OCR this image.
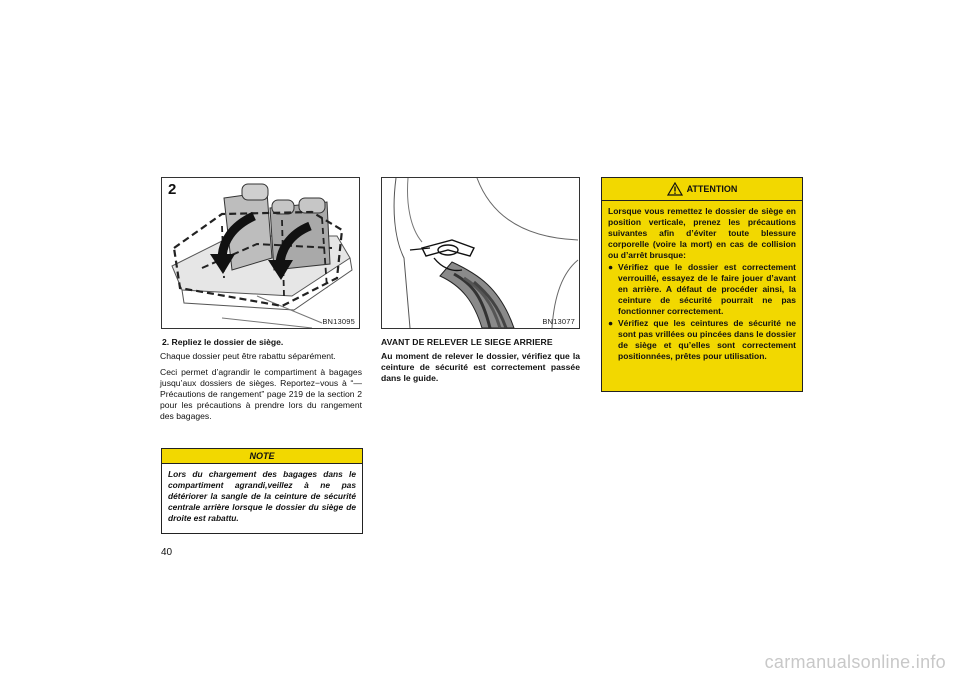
2
BN13095

2. Repliez le dossier de siège.

Chaque dossier peut être rabattu séparément.

Ceci permet d’agrandir le compartiment à bagages jusqu’aux dossiers de sièges. Reportez−vous à “—Précautions de rangement” page 219 de la section 2 pour les précautions à prendre lors du rangement des bagages.

NOTE
Lors du chargement des bagages dans le compartiment agrandi,veillez à ne pas détériorer la sangle de la ceinture de sécurité centrale arrière lorsque le dossier du siège de droite est rabattu.
BN13077

AVANT DE RELEVER LE SIEGE ARRIERE

Au moment de relever le dossier, vérifiez que la ceinture de sécurité est correctement passée dans le guide.

ATTENTION

Lorsque vous remettez le dossier de siège en position verticale, prenez les précautions suivantes afin d’éviter toute blessure corporelle (voire la mort) en cas de collision ou d’arrêt brusque:

● Vérifiez que le dossier est correctement verrouillé, essayez de le faire jouer d’avant en arrière. A défaut de procéder ainsi, la ceinture de sécurité pourrait ne pas fonctionner correctement.
● Vérifiez que les ceintures de sécurité ne sont pas vrillées ou pincées dans le dossier de siège et qu’elles sont correctement positionnées, prêtes pour utilisation.
40
carmanualsonline.info
